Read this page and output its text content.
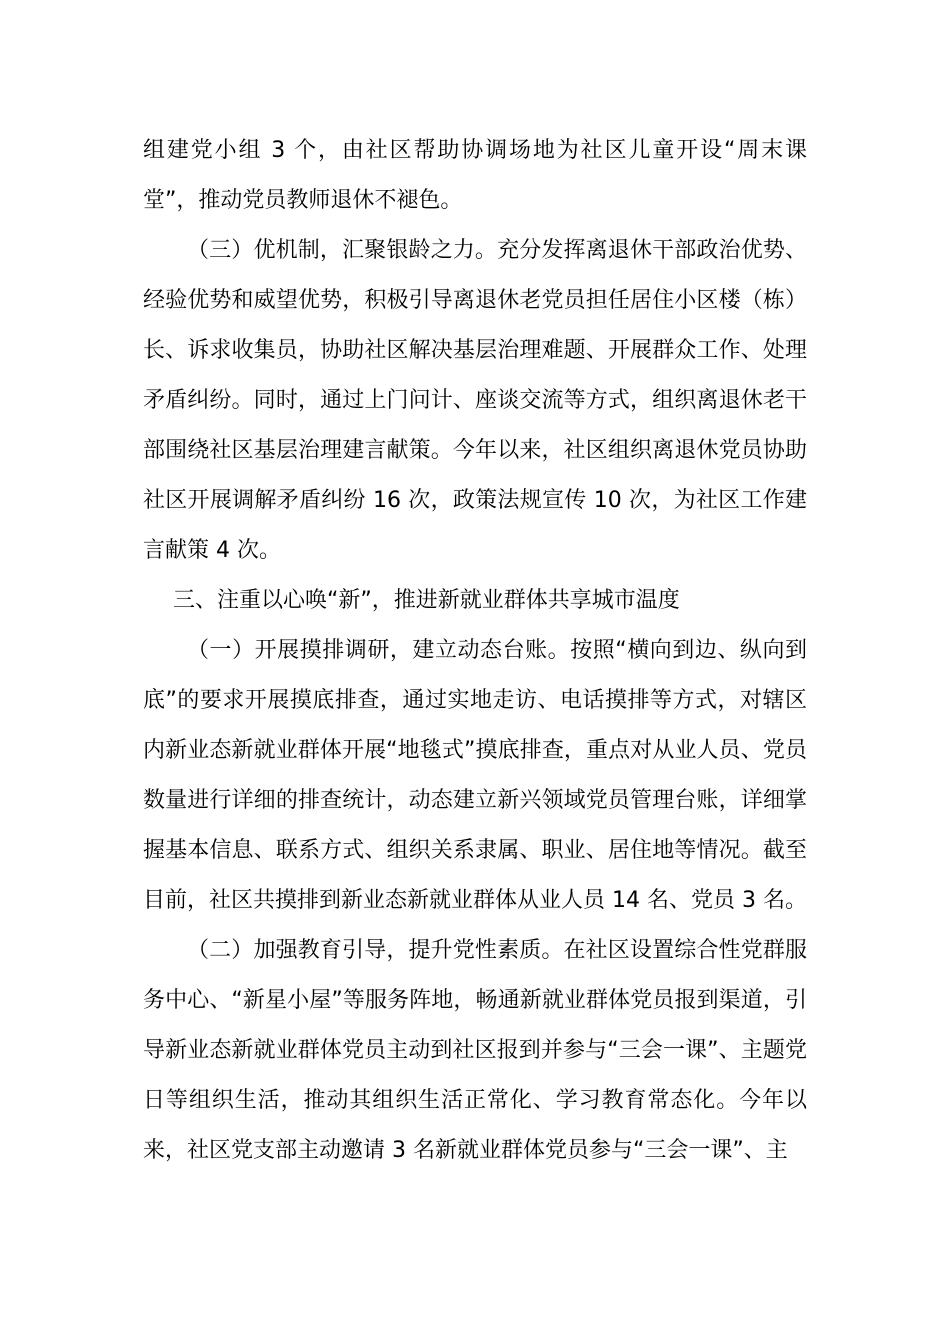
组建党小组 3 个，由社区帮助协调场地为社区儿童开设“周末课堂”，推动党员教师退休不褪色。

（三）优机制，汇聚银龄之力。充分发挥离退休干部政治优势、经验优势和威望优势，积极引导离退休老党员担任居住小区楼（栋）长、诉求收集员，协助社区解决基层治理难题、开展群众工作、处理矛盾纠纷。同时，通过上门问计、座谈交流等方式，组织离退休老干部围绕社区基层治理建言献策。今年以来，社区组织离退休党员协助社区开展调解矛盾纠纷 16 次，政策法规宣传 10 次，为社区工作建言献策 4 次。

三、注重以心唤“新”，推进新就业群体共享城市温度

（一）开展摸排调研，建立动态台账。按照“横向到边、纵向到底”的要求开展摸底排查，通过实地走访、电话摸排等方式，对辖区内新业态新就业群体开展“地毯式”摸底排查，重点对从业人员、党员数量进行详细的排查统计，动态建立新兴领域党员管理台账，详细掌握基本信息、联系方式、组织关系隶属、职业、居住地等情况。截至目前，社区共摸排到新业态新就业群体从业人员 14 名、党员 3 名。

（二）加强教育引导，提升党性素质。在社区设置综合性党群服务中心、“新星小屋”等服务阵地，畅通新就业群体党员报到渠道，引导新业态新就业群体党员主动到社区报到并参与“三会一课”、主题党日等组织生活，推动其组织生活正常化、学习教育常态化。今年以来，社区党支部主动邀请 3 名新就业群体党员参与“三会一课”、主
